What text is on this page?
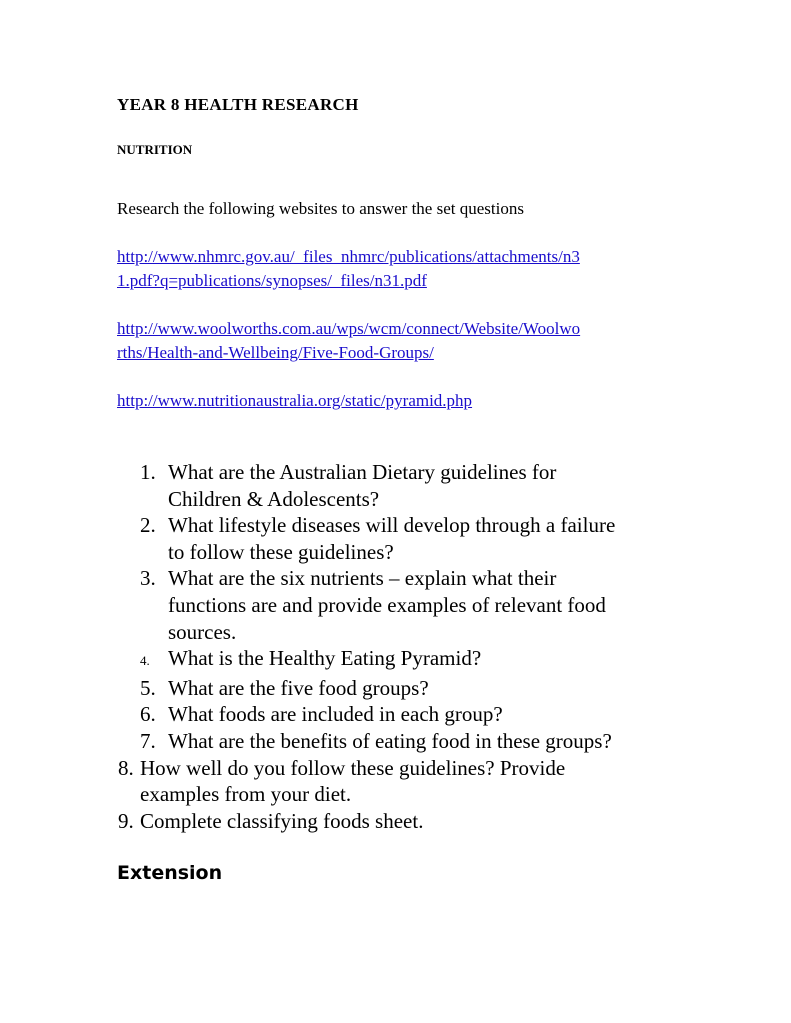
YEAR 8 HEALTH RESEARCH
NUTRITION
Research the following websites to answer the set questions
http://www.nhmrc.gov.au/_files_nhmrc/publications/attachments/n3
1.pdf?q=publications/synopses/_files/n31.pdf
http://www.woolworths.com.au/wps/wcm/connect/Website/Woolwo
rths/Health-and-Wellbeing/Five-Food-Groups/
http://www.nutritionaustralia.org/static/pyramid.php
1. What are the Australian Dietary guidelines for
Children & Adolescents?
2. What lifestyle diseases will develop through a failure
to follow these guidelines?
3. What are the six nutrients – explain what their
functions are and provide examples of relevant food
sources.
4. What is the Healthy Eating Pyramid?
5. What are the five food groups?
6. What foods are included in each group?
7. What are the benefits of eating food in these groups?
8. How well do you follow these guidelines? Provide
examples from your diet.
9. Complete classifying foods sheet.
Extension
